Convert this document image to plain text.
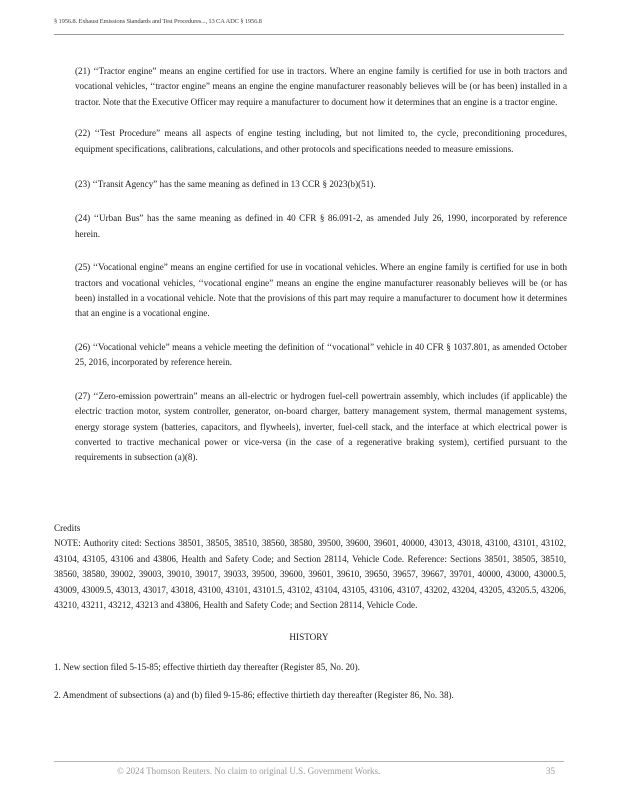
§ 1956.8. Exhaust Emissions Standards and Test Procedures..., 13 CA ADC § 1956.8

(21) ‘‘Tractor engine” means an engine certified for use in tractors. Where an engine family is certified for use in both tractors and vocational vehicles, ‘‘tractor engine” means an engine the engine manufacturer reasonably believes will be (or has been) installed in a tractor. Note that the Executive Officer may require a manufacturer to document how it determines that an engine is a tractor engine.

(22) ‘‘Test Procedure” means all aspects of engine testing including, but not limited to, the cycle, preconditioning procedures, equipment specifications, calibrations, calculations, and other protocols and specifications needed to measure emissions.

(23) ‘‘Transit Agency” has the same meaning as defined in 13 CCR § 2023(b)(51).

(24) ‘‘Urban Bus” has the same meaning as defined in 40 CFR § 86.091-2, as amended July 26, 1990, incorporated by reference herein.

(25) ‘‘Vocational engine” means an engine certified for use in vocational vehicles. Where an engine family is certified for use in both tractors and vocational vehicles, ‘‘vocational engine” means an engine the engine manufacturer reasonably believes will be (or has been) installed in a vocational vehicle. Note that the provisions of this part may require a manufacturer to document how it determines that an engine is a vocational engine.

(26) ‘‘Vocational vehicle” means a vehicle meeting the definition of ‘‘vocational” vehicle in 40 CFR § 1037.801, as amended October 25, 2016, incorporated by reference herein.

(27) ‘‘Zero-emission powertrain” means an all-electric or hydrogen fuel-cell powertrain assembly, which includes (if applicable) the electric traction motor, system controller, generator, on-board charger, battery management system, thermal management systems, energy storage system (batteries, capacitors, and flywheels), inverter, fuel-cell stack, and the interface at which electrical power is converted to tractive mechanical power or vice-versa (in the case of a regenerative braking system), certified pursuant to the requirements in subsection (a)(8).

Credits

NOTE: Authority cited: Sections 38501, 38505, 38510, 38560, 38580, 39500, 39600, 39601, 40000, 43013, 43018, 43100, 43101, 43102, 43104, 43105, 43106 and 43806, Health and Safety Code; and Section 28114, Vehicle Code. Reference: Sections 38501, 38505, 38510, 38560, 38580, 39002, 39003, 39010, 39017, 39033, 39500, 39600, 39601, 39610, 39650, 39657, 39667, 39701, 40000, 43000, 43000.5, 43009, 43009.5, 43013, 43017, 43018, 43100, 43101, 43101.5, 43102, 43104, 43105, 43106, 43107, 43202, 43204, 43205, 43205.5, 43206, 43210, 43211, 43212, 43213 and 43806, Health and Safety Code; and Section 28114, Vehicle Code.

HISTORY
1. New section filed 5-15-85; effective thirtieth day thereafter (Register 85, No. 20).
2. Amendment of subsections (a) and (b) filed 9-15-86; effective thirtieth day thereafter (Register 86, No. 38).
© 2024 Thomson Reuters. No claim to original U.S. Government Works.	35
